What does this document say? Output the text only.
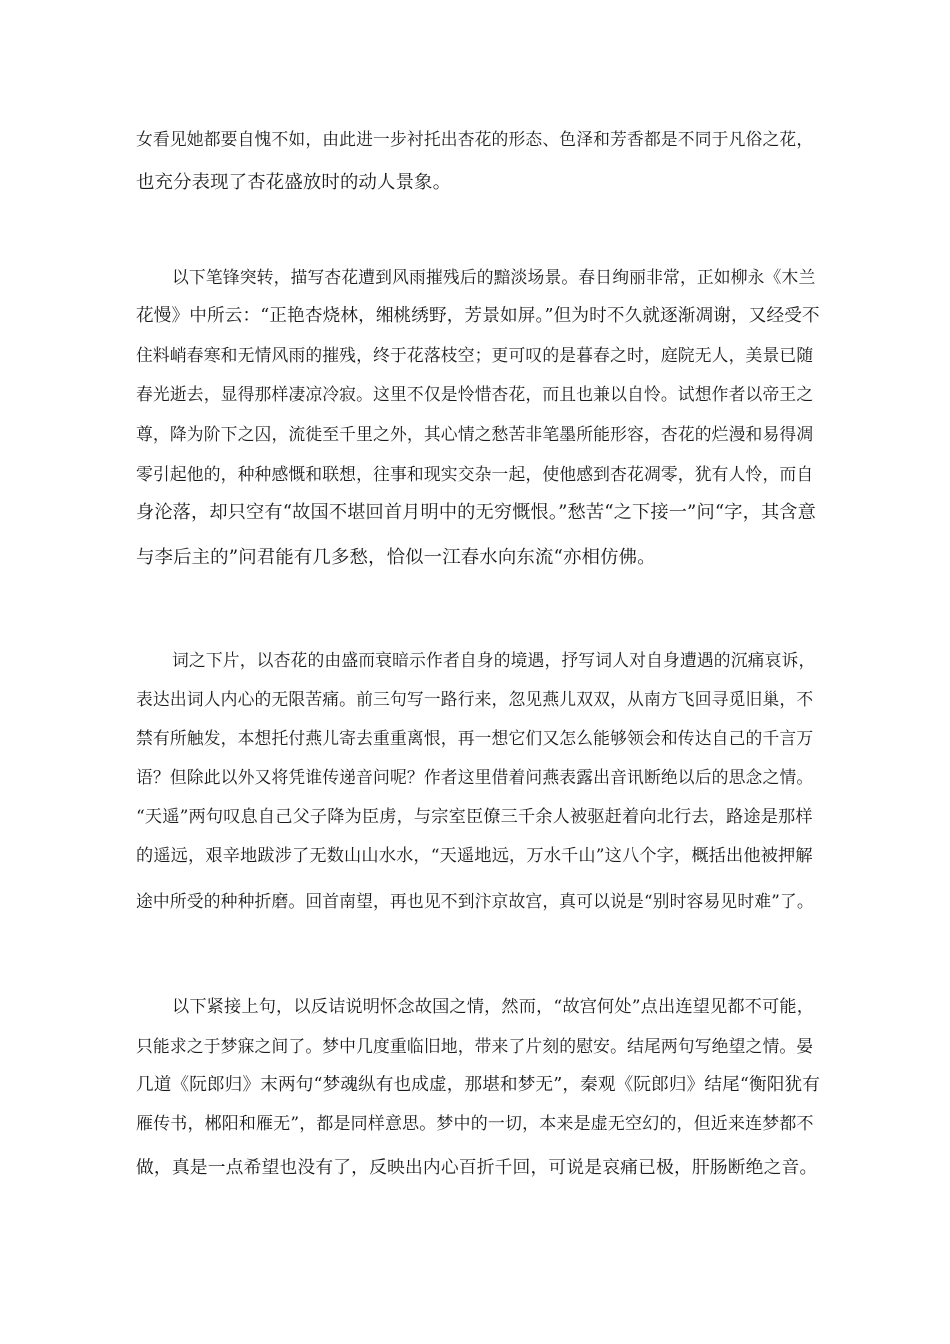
女看见她都要自愧不如，由此进一步衬托出杏花的形态、色泽和芳香都是不同于凡俗之花，
也充分表现了杏花盛放时的动人景象。
以下笔锋突转，描写杏花遭到风雨摧残后的黯淡场景。春日绚丽非常，正如柳永《木兰
花慢》中所云：“正艳杏烧林，缃桃绣野，芳景如屏。”但为时不久就逐渐凋谢，又经受不
住料峭春寒和无情风雨的摧残，终于花落枝空；更可叹的是暮春之时，庭院无人，美景已随
春光逝去，显得那样凄凉冷寂。这里不仅是怜惜杏花，而且也兼以自怜。试想作者以帝王之
尊，降为阶下之囚，流徙至千里之外，其心情之愁苦非笔墨所能形容，杏花的烂漫和易得凋
零引起他的，种种感慨和联想，往事和现实交杂一起，使他感到杏花凋零，犹有人怜，而自
身沦落，却只空有“故国不堪回首月明中的无穷慨恨。”愁苦“之下接一”问“字，其含意
与李后主的”问君能有几多愁，恰似一江春水向东流“亦相仿佛。
词之下片，以杏花的由盛而衰暗示作者自身的境遇，抒写词人对自身遭遇的沉痛哀诉，
表达出词人内心的无限苦痛。前三句写一路行来，忽见燕儿双双，从南方飞回寻觅旧巢，不
禁有所触发，本想托付燕儿寄去重重离恨，再一想它们又怎么能够领会和传达自己的千言万
语？但除此以外又将凭谁传递音问呢？作者这里借着问燕表露出音讯断绝以后的思念之情。
“天遥”两句叹息自己父子降为臣虏，与宗室臣僚三千余人被驱赶着向北行去，路途是那样
的遥远，艰辛地跋涉了无数山山水水，“天遥地远，万水千山”这八个字，概括出他被押解
途中所受的种种折磨。回首南望，再也见不到汴京故宫，真可以说是“别时容易见时难”了。
以下紧接上句，以反诘说明怀念故国之情，然而，“故宫何处”点出连望见都不可能，
只能求之于梦寐之间了。梦中几度重临旧地，带来了片刻的慰安。结尾两句写绝望之情。晏
几道《阮郎归》末两句“梦魂纵有也成虚，那堪和梦无”，秦观《阮郎归》结尾“衡阳犹有
雁传书，郴阳和雁无”，都是同样意思。梦中的一切，本来是虚无空幻的，但近来连梦都不
做，真是一点希望也没有了，反映出内心百折千回，可说是哀痛已极，肝肠断绝之音。
